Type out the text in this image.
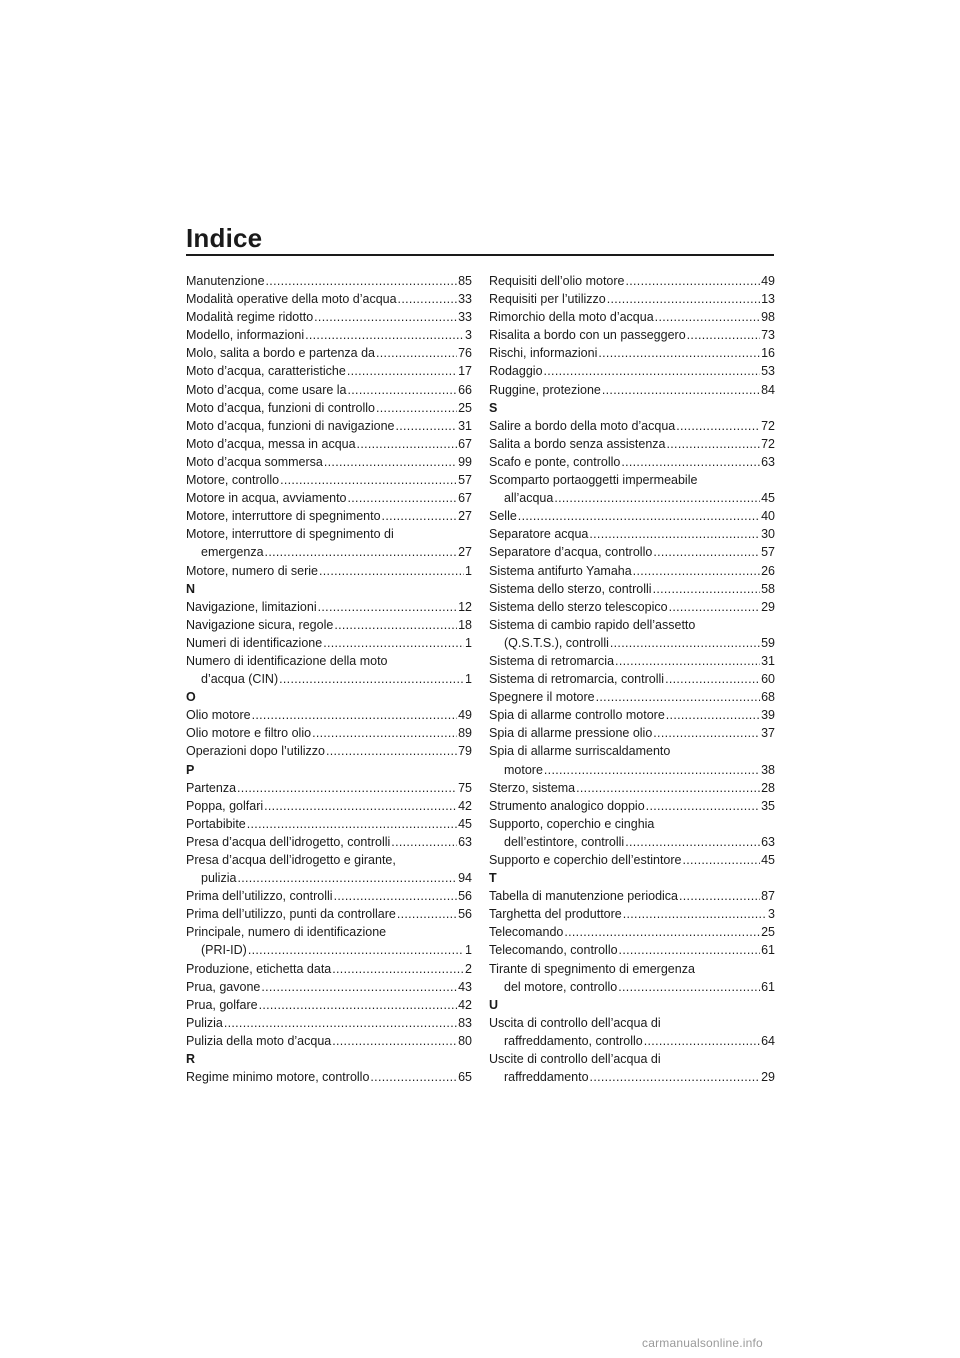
Indice
Manutenzione .....	85
Modalità operative della moto d’acqua .....	33
Modalità regime ridotto .....	33
Modello, informazioni .....	3
Molo, salita a bordo e partenza da .....	76
Moto d’acqua, caratteristiche .....	17
Moto d’acqua, come usare la .....	66
Moto d’acqua, funzioni di controllo .....	25
Moto d’acqua, funzioni di navigazione .....	31
Moto d’acqua, messa in acqua .....	67
Moto d’acqua sommersa .....	99
Motore, controllo .....	57
Motore in acqua, avviamento .....	67
Motore, interruttore di spegnimento .....	27
Motore, interruttore di spegnimento di
emergenza .....	27
Motore, numero di serie .....	1
N
Navigazione, limitazioni .....	12
Navigazione sicura, regole .....	18
Numeri di identificazione .....	1
Numero di identificazione della moto
d’acqua (CIN) .....	1
O
Olio motore .....	49
Olio motore e filtro olio .....	89
Operazioni dopo l’utilizzo .....	79
P
Partenza .....	75
Poppa, golfari .....	42
Portabibite .....	45
Presa d’acqua dell’idrogetto, controlli .....	63
Presa d’acqua dell’idrogetto e girante,
pulizia .....	94
Prima dell’utilizzo, controlli .....	56
Prima dell’utilizzo, punti da controllare .....	56
Principale, numero di identificazione
(PRI-ID) .....	1
Produzione, etichetta data .....	2
Prua, gavone .....	43
Prua, golfare .....	42
Pulizia .....	83
Pulizia della moto d’acqua .....	80
R
Regime minimo motore, controllo .....	65
Requisiti dell’olio motore .....	49
Requisiti per l’utilizzo .....	13
Rimorchio della moto d’acqua .....	98
Risalita a bordo con un passeggero .....	73
Rischi, informazioni .....	16
Rodaggio .....	53
Ruggine, protezione .....	84
S
Salire a bordo della moto d’acqua .....	72
Salita a bordo senza assistenza .....	72
Scafo e ponte, controllo .....	63
Scomparto portaoggetti impermeabile
all’acqua .....	45
Selle .....	40
Separatore acqua .....	30
Separatore d’acqua, controllo .....	57
Sistema antifurto Yamaha .....	26
Sistema dello sterzo, controlli .....	58
Sistema dello sterzo telescopico .....	29
Sistema di cambio rapido dell’assetto
(Q.S.T.S.), controlli .....	59
Sistema di retromarcia .....	31
Sistema di retromarcia, controlli .....	60
Spegnere il motore .....	68
Spia di allarme controllo motore .....	39
Spia di allarme pressione olio .....	37
Spia di allarme surriscaldamento
motore .....	38
Sterzo, sistema .....	28
Strumento analogico doppio .....	35
Supporto, coperchio e cinghia
dell’estintore, controlli .....	63
Supporto e coperchio dell’estintore .....	45
T
Tabella di manutenzione periodica .....	87
Targhetta del produttore .....	3
Telecomando .....	25
Telecomando, controllo .....	61
Tirante di spegnimento di emergenza
del motore, controllo .....	61
U
Uscita di controllo dell’acqua di
raffreddamento, controllo .....	64
Uscite di controllo dell’acqua di
raffreddamento .....	29
carmanualsonline.info
